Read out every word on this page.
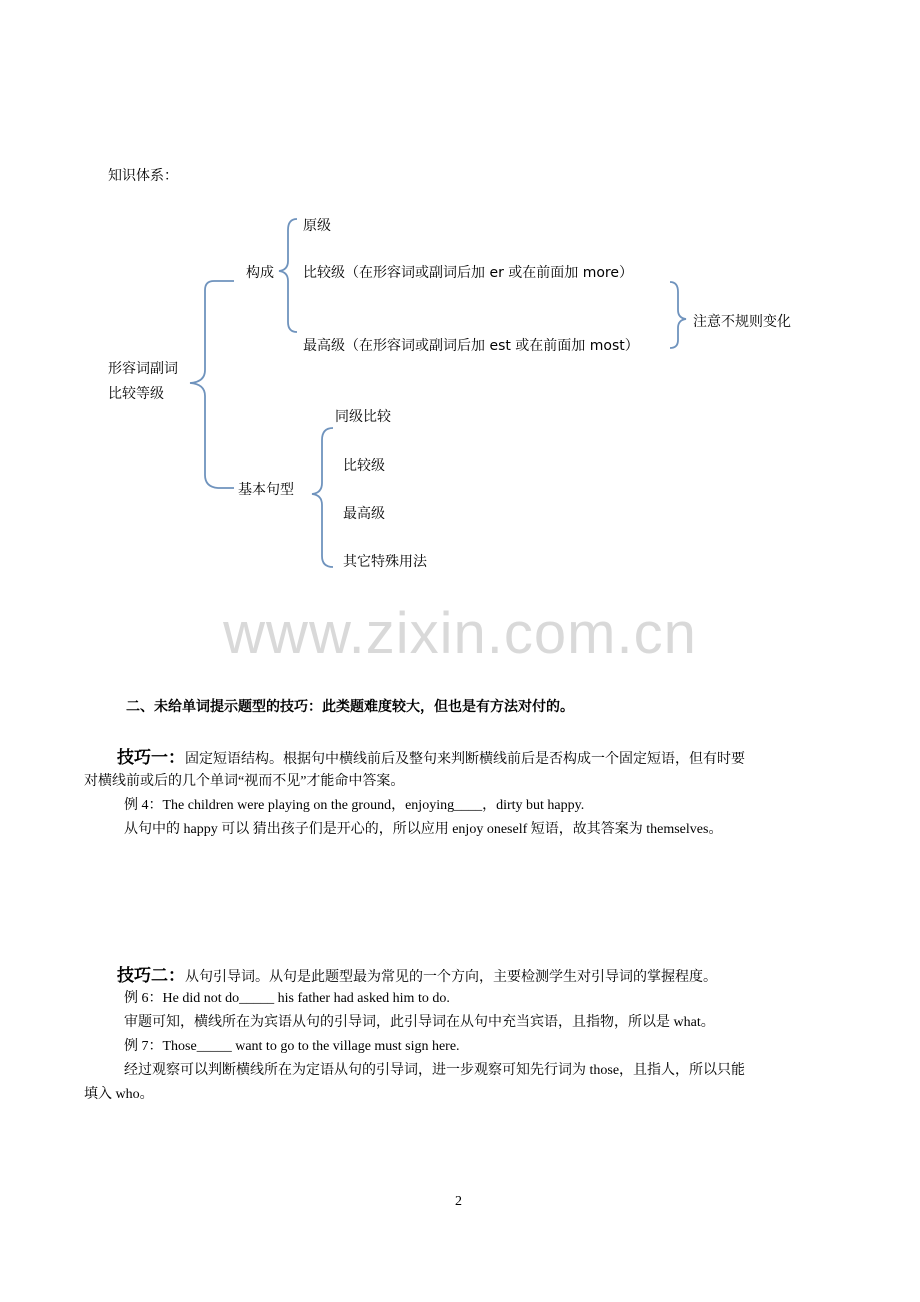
知识体系：
形容词副词
比较等级
构成
原级
比较级（在形容词或副词后加 er 或在前面加 more）
最高级（在形容词或副词后加 est 或在前面加 most）
注意不规则变化
基本句型
同级比较
比较级
最高级
其它特殊用法
www.zixin.com.cn
二、未给单词提示题型的技巧：此类题难度较大，但也是有方法对付的。
技巧一：固定短语结构。根据句中横线前后及整句来判断横线前后是否构成一个固定短语，但有时要
对横线前或后的几个单词“视而不见”才能命中答案。
例 4：The children were playing on the ground，enjoying____，dirty but happy.
从句中的 happy 可以 猜出孩子们是开心的，所以应用 enjoy oneself 短语，故其答案为 themselves。
技巧二：从句引导词。从句是此题型最为常见的一个方向，主要检测学生对引导词的掌握程度。
例 6：He did not do_____ his father had asked him to do.
审题可知，横线所在为宾语从句的引导词，此引导词在从句中充当宾语，且指物，所以是 what。
例 7：Those_____ want to go to the village must sign here.
经过观察可以判断横线所在为定语从句的引导词，进一步观察可知先行词为 those，且指人，所以只能
填入 who。
2
